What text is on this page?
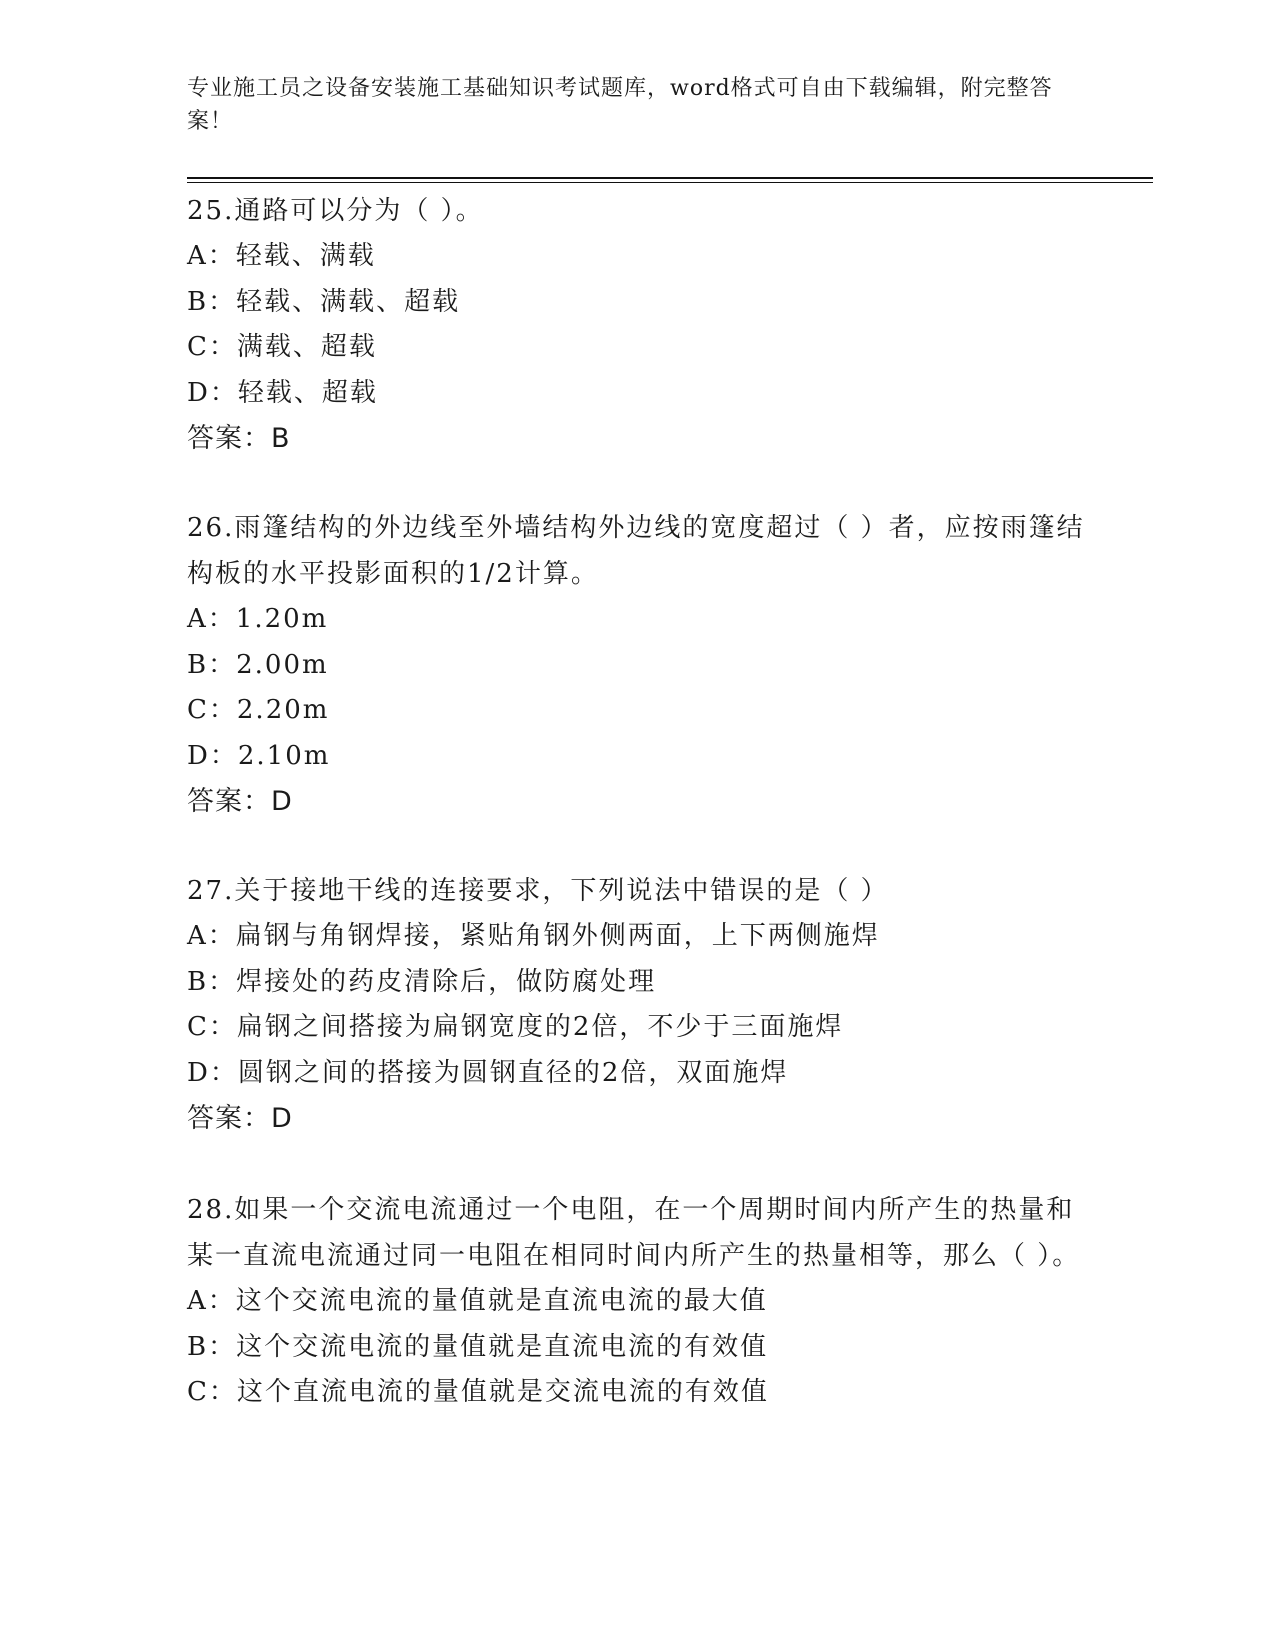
专业施工员之设备安装施工基础知识考试题库，word格式可自由下载编辑，附完整答案！

25.通路可以分为（ ）。

A：轻载、满载

B：轻载、满载、超载

C：满载、超载

D：轻载、超载

答案：B

26.雨篷结构的外边线至外墙结构外边线的宽度超过（ ）者，应按雨篷结构板的水平投影面积的1/2计算。

A：1.20m

B：2.00m

C：2.20m

D：2.10m

答案：D

27.关于接地干线的连接要求，下列说法中错误的是（ ）

A：扁钢与角钢焊接，紧贴角钢外侧两面，上下两侧施焊

B：焊接处的药皮清除后，做防腐处理

C：扁钢之间搭接为扁钢宽度的2倍，不少于三面施焊

D：圆钢之间的搭接为圆钢直径的2倍，双面施焊

答案：D

28.如果一个交流电流通过一个电阻，在一个周期时间内所产生的热量和某一直流电流通过同一电阻在相同时间内所产生的热量相等，那么（ ）。

A：这个交流电流的量值就是直流电流的最大值

B：这个交流电流的量值就是直流电流的有效值

C：这个直流电流的量值就是交流电流的有效值
